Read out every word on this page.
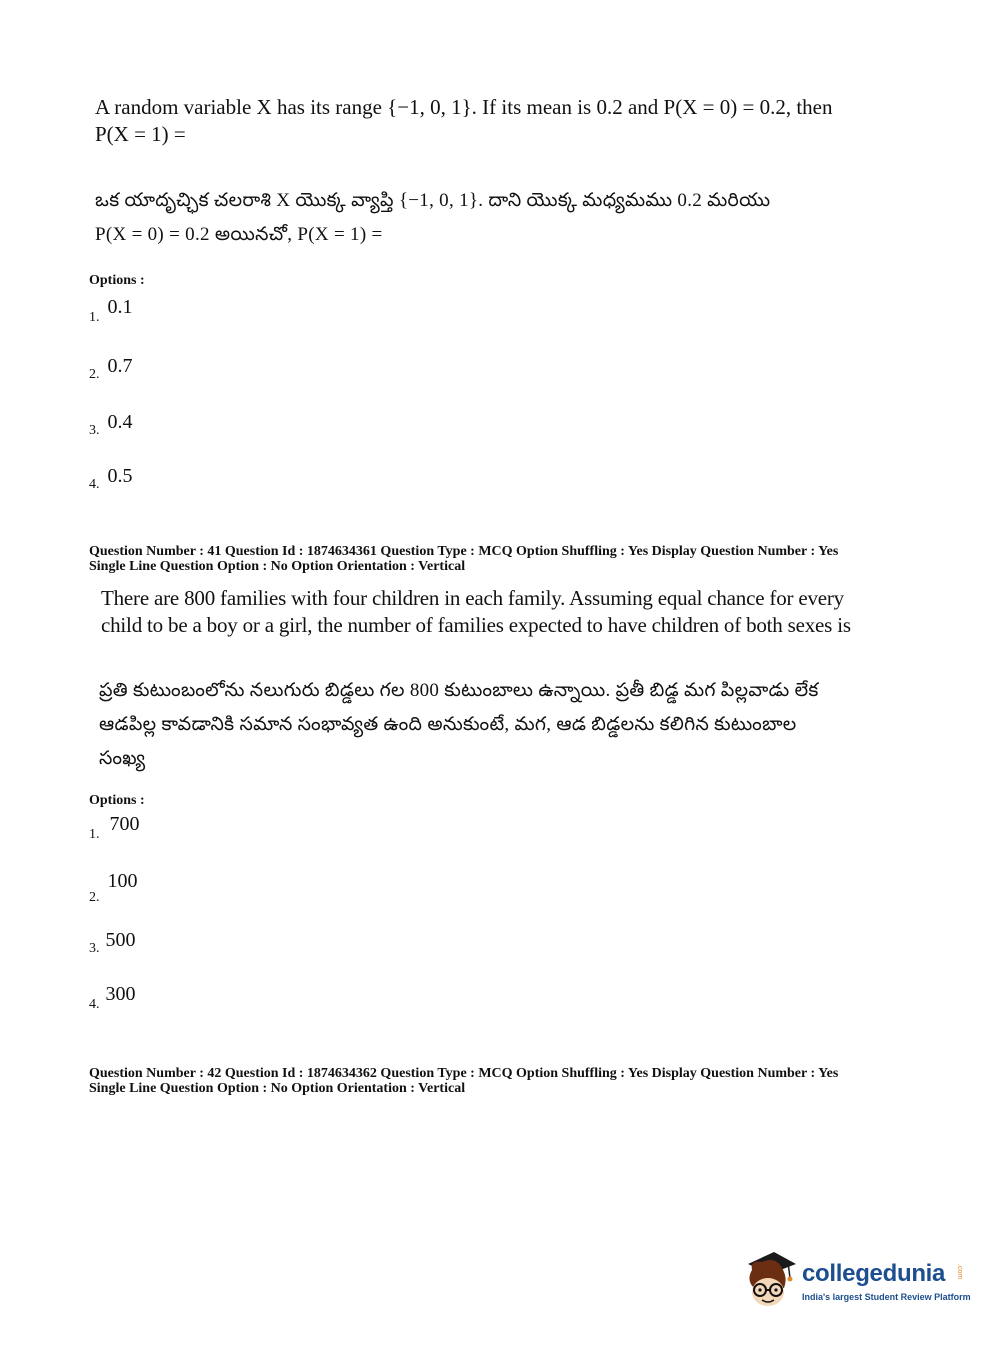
A random variable X has its range {−1, 0, 1}. If its mean is 0.2 and P(X = 0) = 0.2, then
P(X = 1) =
ఒక యాదృచ్ఛిక చలరాశి X యొక్క వ్యాప్తి {−1, 0, 1}. దాని యొక్క మధ్యమము 0.2 మరియు
P(X = 0) = 0.2 అయినచో, P(X = 1) =
Options :
1. 0.1
2. 0.7
3. 0.4
4. 0.5
Question Number : 41 Question Id : 1874634361 Question Type : MCQ Option Shuffling : Yes Display Question Number : Yes
Single Line Question Option : No Option Orientation : Vertical
There are 800 families with four children in each family. Assuming equal chance for every
child to be a boy or a girl, the number of families expected to have children of both sexes is
ప్రతి కుటుంబంలోను నలుగురు బిడ్డలు గల 800 కుటుంబాలు ఉన్నాయి. ప్రతీ బిడ్డ మగ పిల్లవాడు లేక
ఆడపిల్ల కావడానికి సమాన సంభావ్యత ఉంది అనుకుంటే, మగ, ఆడ బిడ్డలను కలిగిన కుటుంబాల
సంఖ్య
Options :
1. 700
2. 100
3. 500
4. 300
Question Number : 42 Question Id : 1874634362 Question Type : MCQ Option Shuffling : Yes Display Question Number : Yes
Single Line Question Option : No Option Orientation : Vertical
collegedunia .com
India's largest Student Review Platform
